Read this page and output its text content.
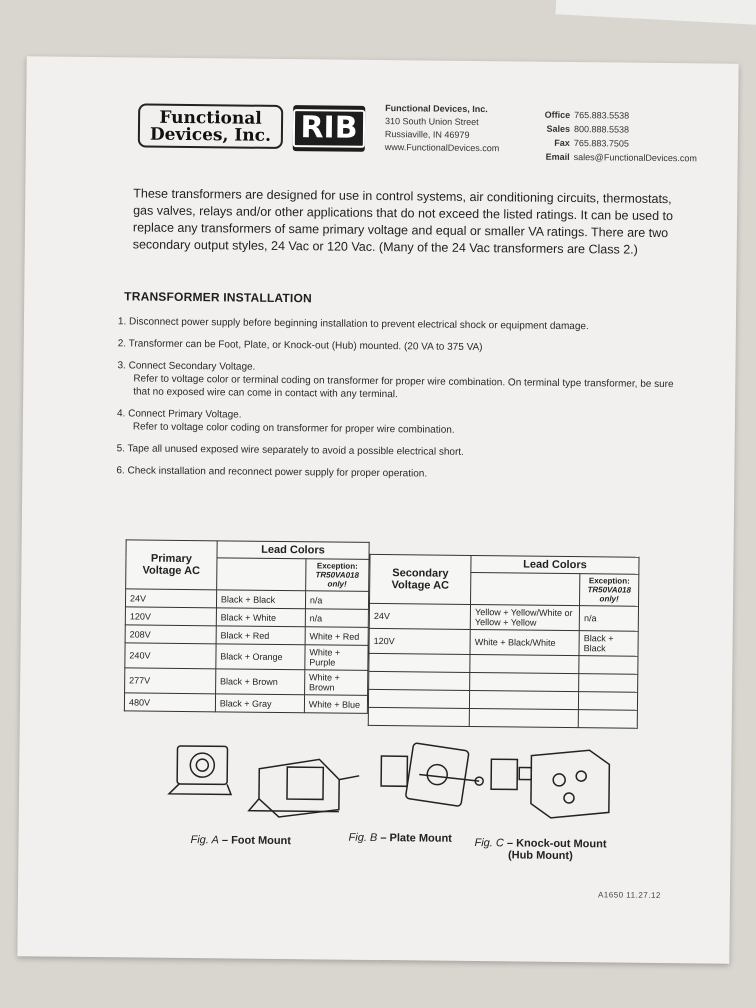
Functional
Devices, Inc. RIB
Functional Devices, Inc.
310 South Union Street
Russiaville, IN 46979
www.FunctionalDevices.com
Office 765.883.5538
Sales 800.888.5538
Fax 765.883.7505
Email sales@FunctionalDevices.com
These transformers are designed for use in control systems, air conditioning circuits, thermostats, gas valves, relays and/or other applications that do not exceed the listed ratings. It can be used to replace any transformers of same primary voltage and equal or smaller VA ratings. There are two secondary output styles, 24 Vac or 120 Vac. (Many of the 24 Vac transformers are Class 2.)
TRANSFORMER INSTALLATION
1. Disconnect power supply before beginning installation to prevent electrical shock or equipment damage.
2. Transformer can be Foot, Plate, or Knock-out (Hub) mounted. (20 VA to 375 VA)
3. Connect Secondary Voltage.
Refer to voltage color or terminal coding on transformer for proper wire combination. On terminal type transformer, be sure that no exposed wire can come in contact with any terminal.
4. Connect Primary Voltage.
Refer to voltage color coding on transformer for proper wire combination.
5. Tape all unused exposed wire separately to avoid a possible electrical short.
6. Check installation and reconnect power supply for proper operation.
Primary Voltage AC	Lead Colors	
		Exception:
TR50VA018
only!
24V	Black + Black	n/a
120V	Black + White	n/a
208V	Black + Red	White + Red
240V	Black + Orange	White + Purple
277V	Black + Brown	White + Brown
480V	Black + Gray	White + Blue
Secondary Voltage AC	Lead Colors	
		Exception:
TR50VA018
only!
24V	Yellow + Yellow/White or Yellow + Yellow	n/a
120V	White + Black/White	Black + Black

Fig. A – Foot Mount	Fig. B – Plate Mount Fig. C – Knock-out Mount
(Hub Mount)
A1650 11.27.12
